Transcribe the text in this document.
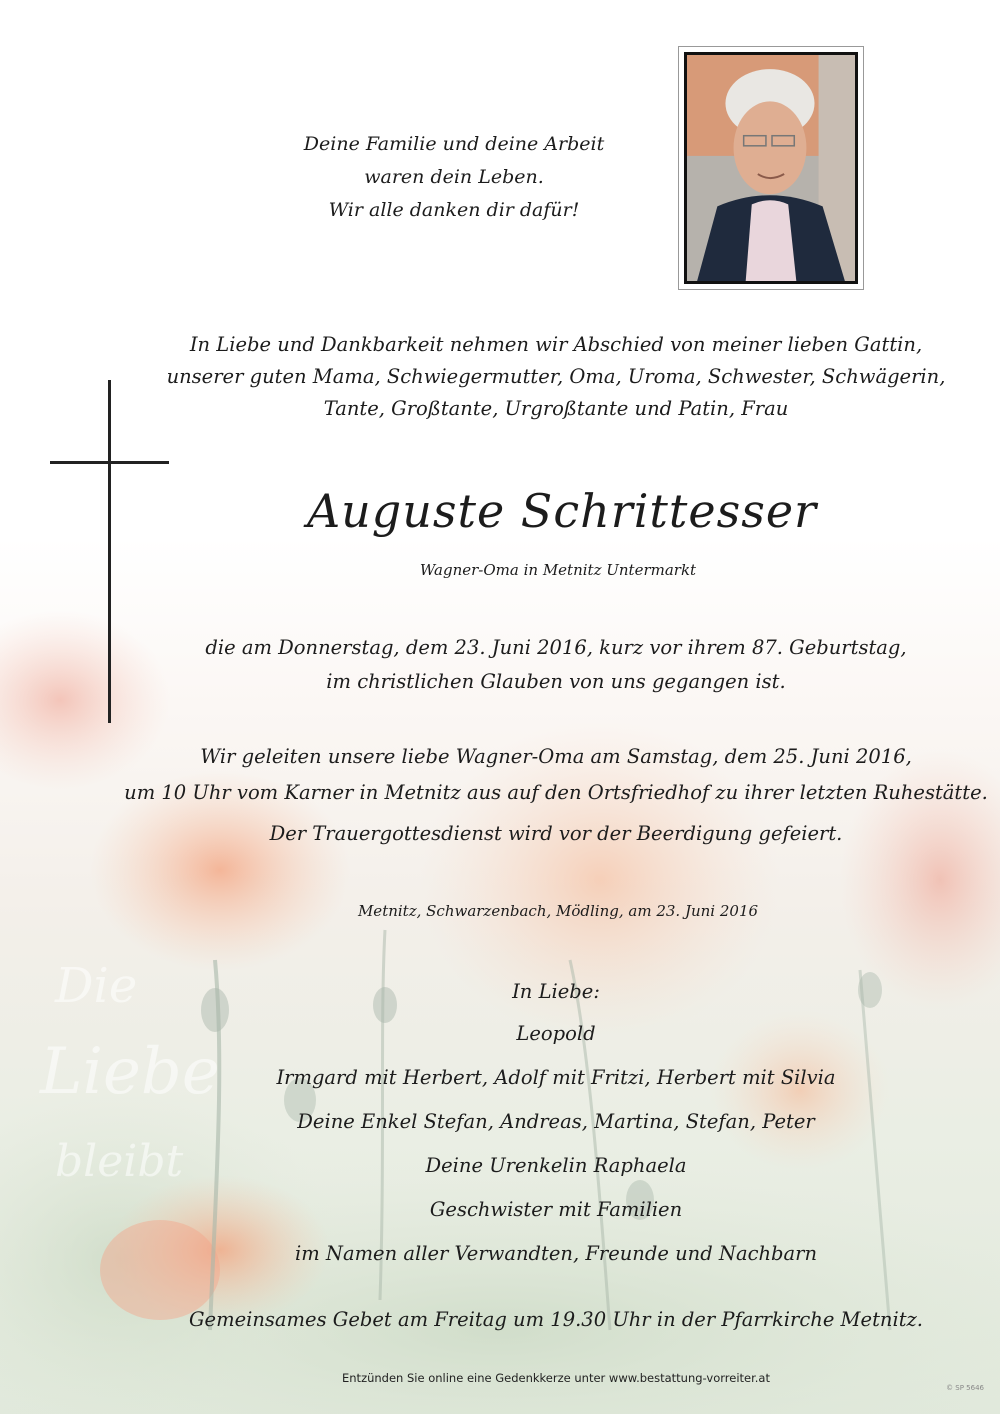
Die
Liebe
bleibt
Deine Familie und deine Arbeit
waren dein Leben.
Wir alle danken dir dafür!
In Liebe und Dankbarkeit nehmen wir Abschied von meiner lieben Gattin,
unserer guten Mama, Schwiegermutter, Oma, Uroma, Schwester, Schwägerin,
Tante, Großtante, Urgroßtante und Patin, Frau
Auguste Schrittesser
Wagner-Oma in Metnitz Untermarkt
die am Donnerstag, dem 23. Juni 2016, kurz vor ihrem 87. Geburtstag,
im christlichen Glauben von uns gegangen ist.
Wir geleiten unsere liebe Wagner-Oma am Samstag, dem 25. Juni 2016,
um 10 Uhr vom Karner in Metnitz aus auf den Ortsfriedhof zu ihrer letzten Ruhestätte.
Der Trauergottesdienst wird vor der Beerdigung gefeiert.
Metnitz, Schwarzenbach, Mödling, am 23. Juni 2016
In Liebe:
Leopold
Irmgard mit Herbert, Adolf mit Fritzi, Herbert mit Silvia
Deine Enkel Stefan, Andreas, Martina, Stefan, Peter
Deine Urenkelin Raphaela
Geschwister mit Familien
im Namen aller Verwandten, Freunde und Nachbarn
Gemeinsames Gebet am Freitag um 19.30 Uhr in der Pfarrkirche Metnitz.
Entzünden Sie online eine Gedenkkerze unter www.bestattung-vorreiter.at
© SP 5646
